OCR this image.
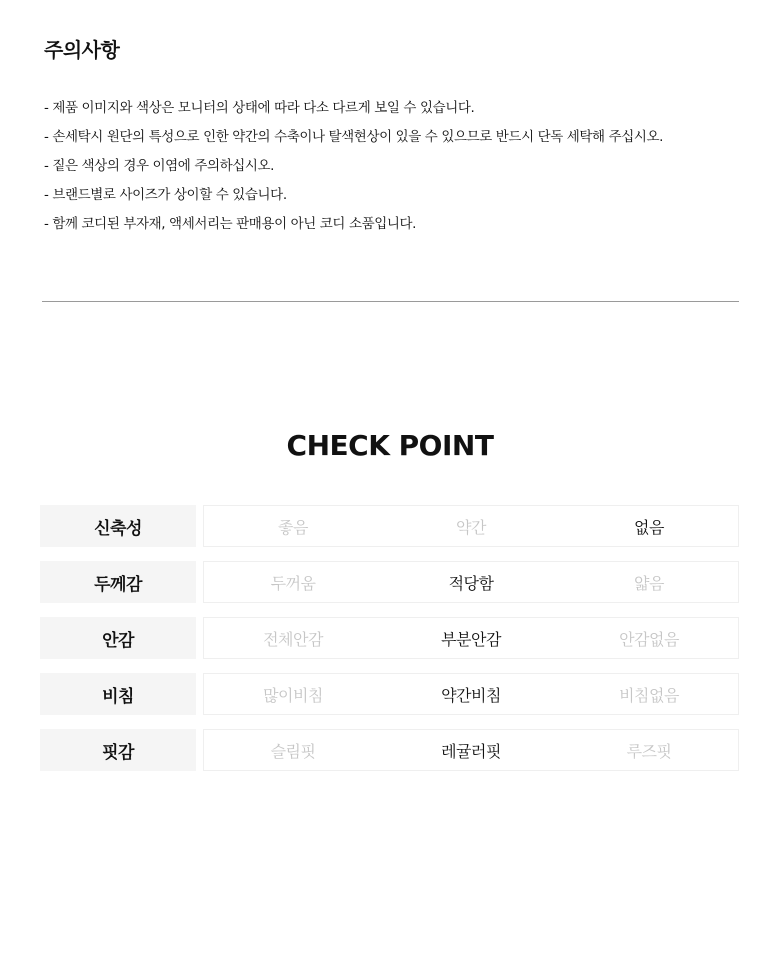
주의사항
- 제품 이미지와 색상은 모니터의 상태에 따라 다소 다르게 보일 수 있습니다.
- 손세탁시 원단의 특성으로 인한 약간의 수축이나 탈색현상이 있을 수 있으므로 반드시 단독 세탁해 주십시오.
- 짙은 색상의 경우 이염에 주의하십시오.
- 브랜드별로 사이즈가 상이할 수 있습니다.
- 함께 코디된 부자재, 액세서리는 판매용이 아닌 코디 소품입니다.
CHECK POINT
신축성	좋음	약간	없음
두께감	두꺼움	적당함	얇음
안감	전체안감	부분안감	안감없음
비침	많이비침	약간비침	비침없음
핏감	슬림핏	레귤러핏	루즈핏
